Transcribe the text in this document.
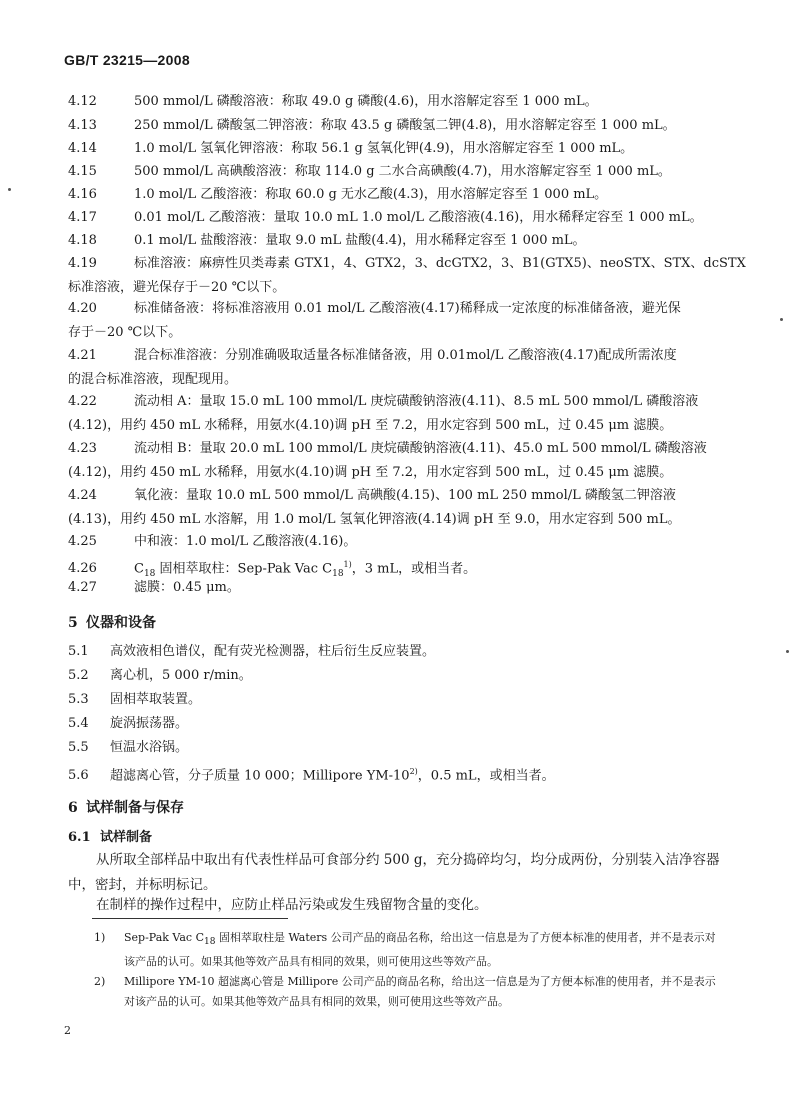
GB/T 23215—2008
4.12	500 mmol/L 磷酸溶液：称取 49.0 g 磷酸(4.6)，用水溶解定容至 1 000 mL。
4.13	250 mmol/L 磷酸氢二钾溶液：称取 43.5 g 磷酸氢二钾(4.8)，用水溶解定容至 1 000 mL。
4.14	1.0 mol/L 氢氧化钾溶液：称取 56.1 g 氢氧化钾(4.9)，用水溶解定容至 1 000 mL。
4.15	500 mmol/L 高碘酸溶液：称取 114.0 g 二水合高碘酸(4.7)，用水溶解定容至 1 000 mL。
4.16	1.0 mol/L 乙酸溶液：称取 60.0 g 无水乙酸(4.3)，用水溶解定容至 1 000 mL。
4.17	0.01 mol/L 乙酸溶液：量取 10.0 mL 1.0 mol/L 乙酸溶液(4.16)，用水稀释定容至 1 000 mL。
4.18	0.1 mol/L 盐酸溶液：量取 9.0 mL 盐酸(4.4)，用水稀释定容至 1 000 mL。
4.19	标准溶液：麻痹性贝类毒素 GTX1，4、GTX2，3、dcGTX2，3、B1(GTX5)、neoSTX、STX、dcSTX
标准溶液，避光保存于－20 ℃以下。
4.20	标准储备液：将标准溶液用 0.01 mol/L 乙酸溶液(4.17)稀释成一定浓度的标准储备液，避光保
存于－20 ℃以下。
4.21	混合标准溶液：分别准确吸取适量各标准储备液，用 0.01mol/L 乙酸溶液(4.17)配成所需浓度
的混合标准溶液，现配现用。
4.22	流动相 A：量取 15.0 mL 100 mmol/L 庚烷磺酸钠溶液(4.11)、8.5 mL 500 mmol/L 磷酸溶液
(4.12)，用约 450 mL 水稀释，用氨水(4.10)调 pH 至 7.2，用水定容到 500 mL，过 0.45 μm 滤膜。
4.23	流动相 B：量取 20.0 mL 100 mmol/L 庚烷磺酸钠溶液(4.11)、45.0 mL 500 mmol/L 磷酸溶液
(4.12)，用约 450 mL 水稀释，用氨水(4.10)调 pH 至 7.2，用水定容到 500 mL，过 0.45 μm 滤膜。
4.24	氧化液：量取 10.0 mL 500 mmol/L 高碘酸(4.15)、100 mL 250 mmol/L 磷酸氢二钾溶液
(4.13)，用约 450 mL 水溶解，用 1.0 mol/L 氢氧化钾溶液(4.14)调 pH 至 9.0，用水定容到 500 mL。
4.25	中和液：1.0 mol/L 乙酸溶液(4.16)。
4.26	$C_{18}$ 固相萃取柱：Sep-Pak Vac $C_{18}^{1)}$，3 mL，或相当者。
4.27	滤膜：0.45 μm。
5 仪器和设备
5.1 高效液相色谱仪，配有荧光检测器，柱后衍生反应装置。
5.2 离心机，5 000 r/min。
5.3 固相萃取装置。
5.4 旋涡振荡器。
5.5 恒温水浴锅。
5.6 超滤离心管，分子质量 10 000；Millipore YM-10$^{2)}$，0.5 mL，或相当者。
6 试样制备与保存
6.1 试样制备
从所取全部样品中取出有代表性样品可食部分约 500 g，充分捣碎均匀，均分成两份，分别装入洁净容器中，密封，并标明标记。
在制样的操作过程中，应防止样品污染或发生残留物含量的变化。
1) Sep-Pak Vac $C_{18}$ 固相萃取柱是 Waters 公司产品的商品名称，给出这一信息是为了方便本标准的使用者，并不是表示对该产品的认可。如果其他等效产品具有相同的效果，则可使用这些等效产品。
2) Millipore YM-10 超滤离心管是 Millipore 公司产品的商品名称，给出这一信息是为了方便本标准的使用者，并不是表示对该产品的认可。如果其他等效产品具有相同的效果，则可使用这些等效产品。
2
